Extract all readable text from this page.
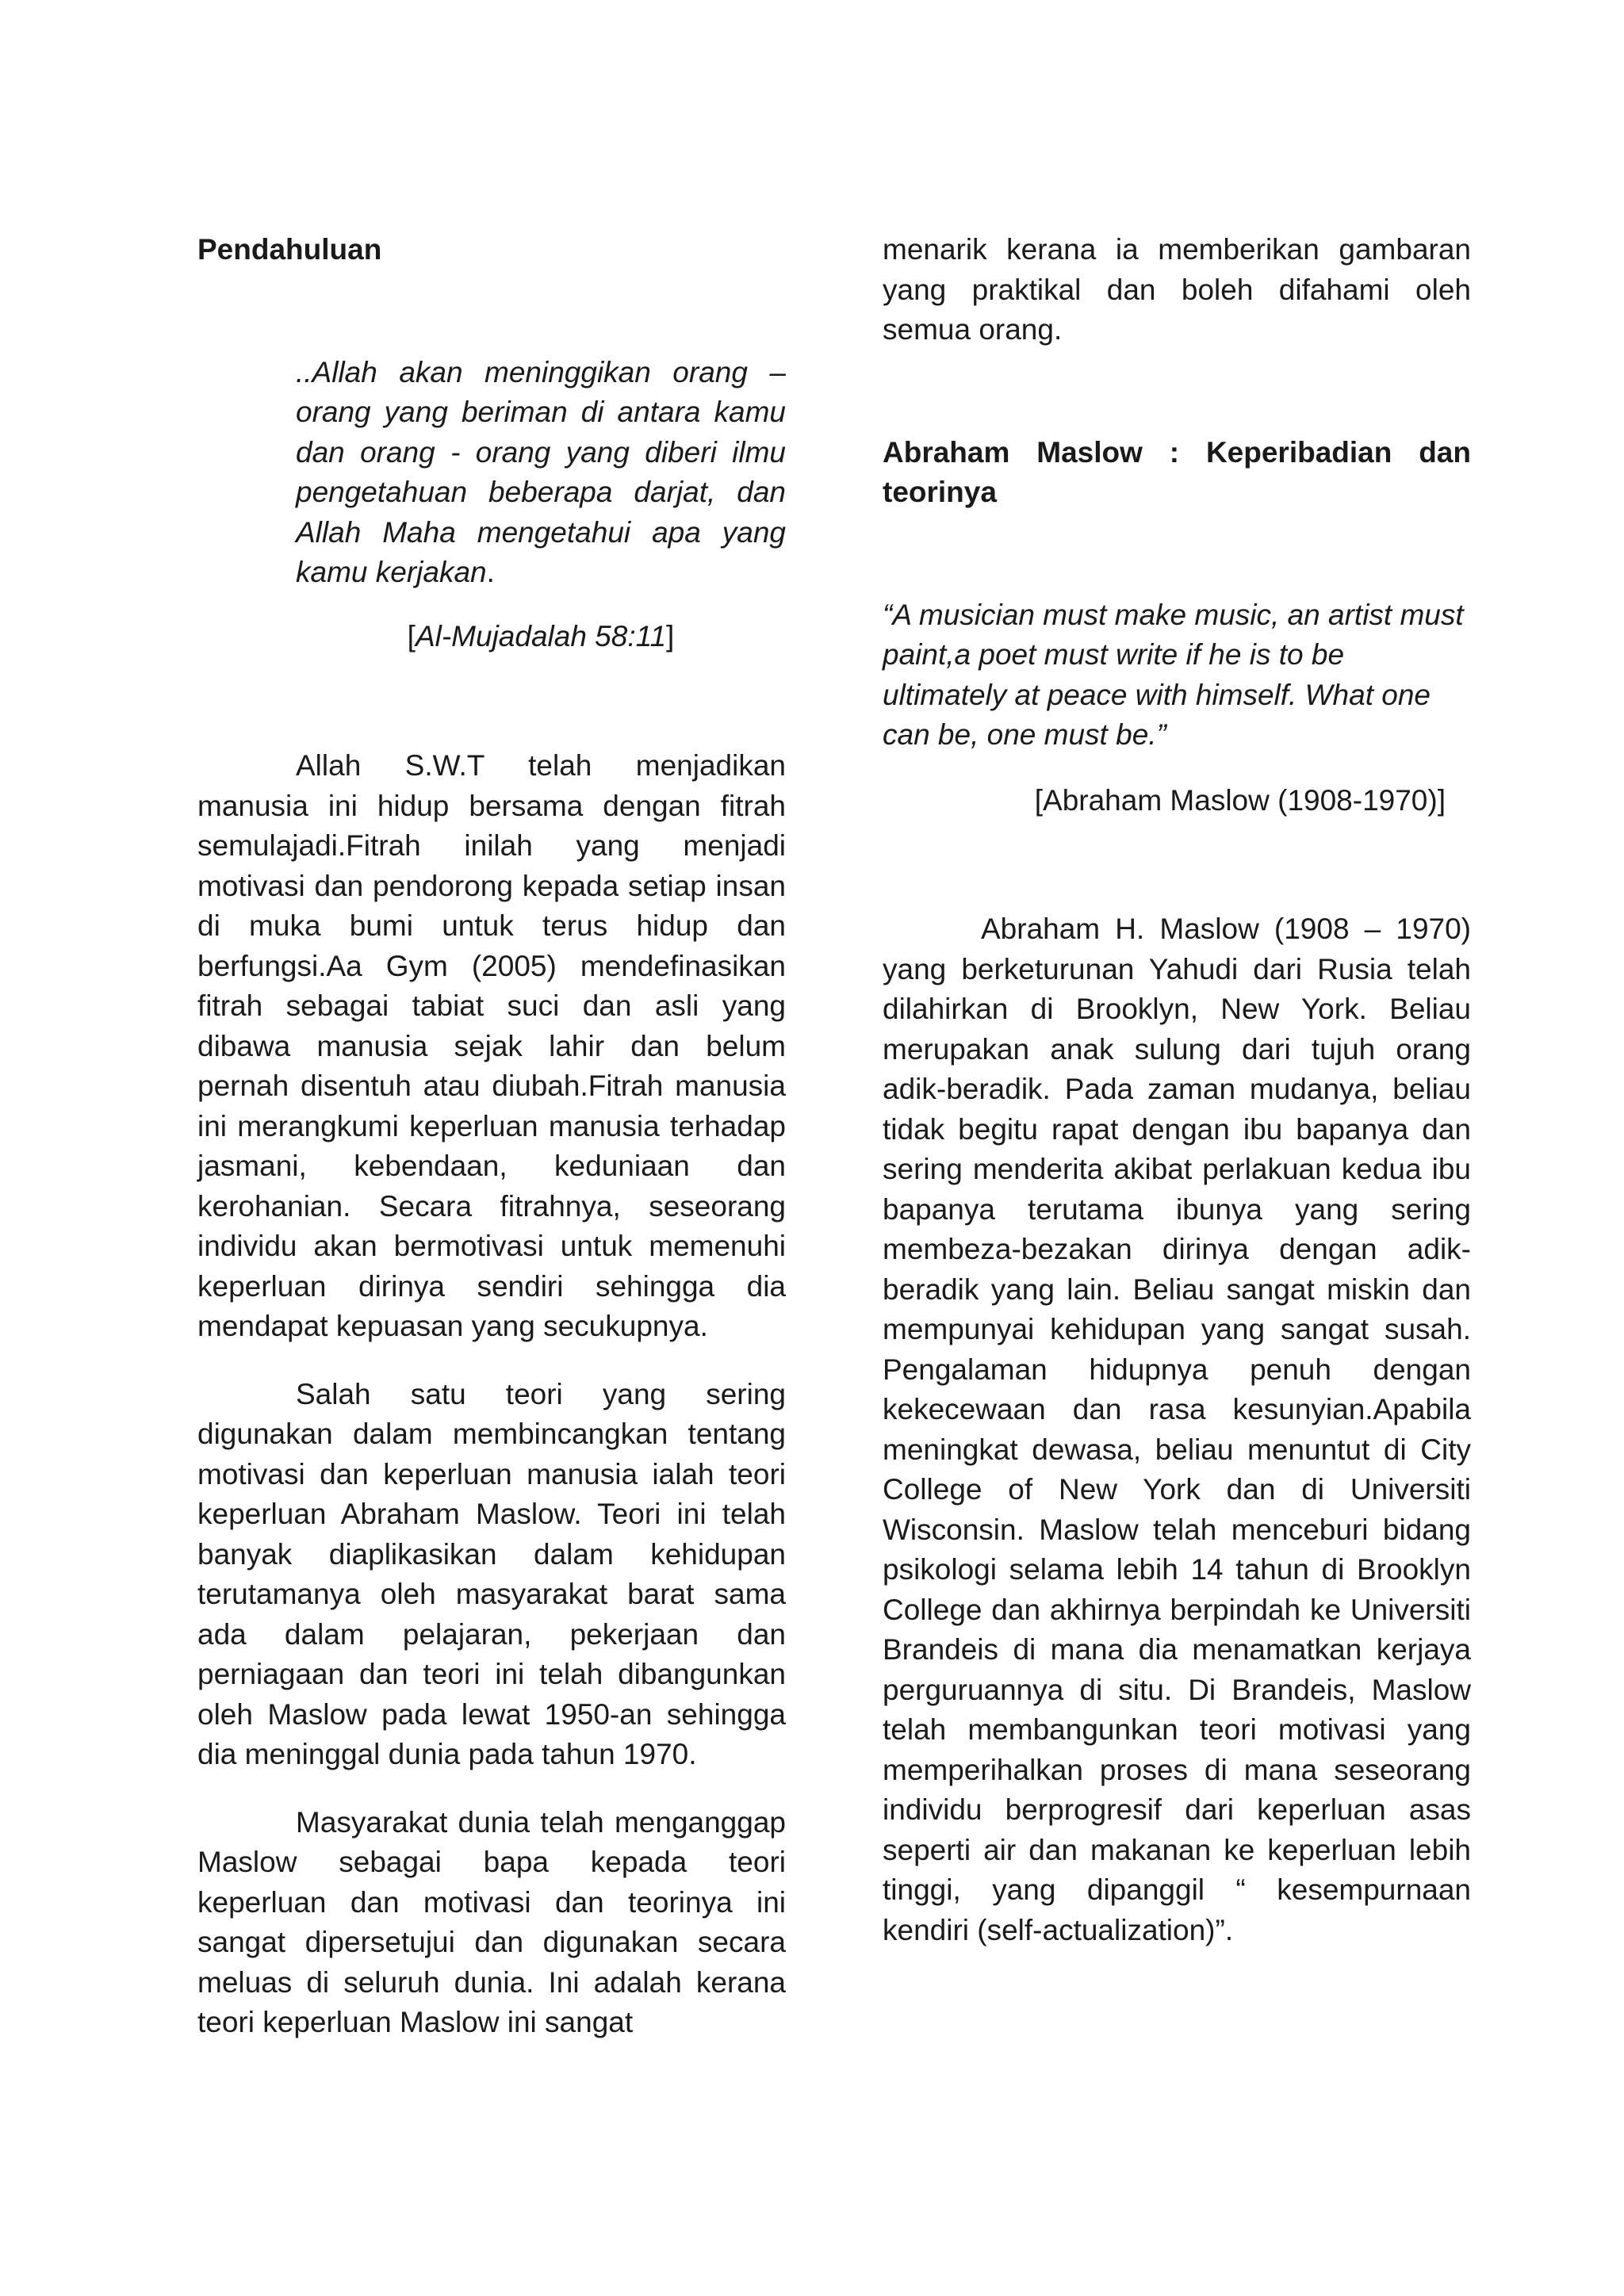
Pendahuluan

..Allah akan meninggikan orang – orang yang beriman di antara kamu dan orang - orang yang diberi ilmu pengetahuan beberapa darjat, dan Allah Maha mengetahui apa yang kamu kerjakan.

[Al-Mujadalah 58:11]

Allah S.W.T telah menjadikan manusia ini hidup bersama dengan fitrah semulajadi.Fitrah inilah yang menjadi motivasi dan pendorong kepada setiap insan di muka bumi untuk terus hidup dan berfungsi.Aa Gym (2005) mendefinasikan fitrah sebagai tabiat suci dan asli yang dibawa manusia sejak lahir dan belum pernah disentuh atau diubah.Fitrah manusia ini merangkumi keperluan manusia terhadap jasmani, kebendaan, keduniaan dan kerohanian. Secara fitrahnya, seseorang individu akan bermotivasi untuk memenuhi keperluan dirinya sendiri sehingga dia mendapat kepuasan yang secukupnya.

Salah satu teori yang sering digunakan dalam membincangkan tentang motivasi dan keperluan manusia ialah teori keperluan Abraham Maslow. Teori ini telah banyak diaplikasikan dalam kehidupan terutamanya oleh masyarakat barat sama ada dalam pelajaran, pekerjaan dan perniagaan dan teori ini telah dibangunkan oleh Maslow pada lewat 1950-an sehingga dia meninggal dunia pada tahun 1970.

Masyarakat dunia telah menganggap Maslow sebagai bapa kepada teori keperluan dan motivasi dan teorinya ini sangat dipersetujui dan digunakan secara meluas di seluruh dunia. Ini adalah kerana teori keperluan Maslow ini sangat

menarik kerana ia memberikan gambaran yang praktikal dan boleh difahami oleh semua orang.

Abraham Maslow : Keperibadian dan teorinya

“A musician must make music, an artist must paint,a poet must write if he is to be ultimately at peace with himself. What one can be, one must be.”

[Abraham Maslow (1908-1970)]

Abraham H. Maslow (1908 – 1970) yang berketurunan Yahudi dari Rusia telah dilahirkan di Brooklyn, New York. Beliau merupakan anak sulung dari tujuh orang adik-beradik. Pada zaman mudanya, beliau tidak begitu rapat dengan ibu bapanya dan sering menderita akibat perlakuan kedua ibu bapanya terutama ibunya yang sering membeza-bezakan dirinya dengan adik-beradik yang lain. Beliau sangat miskin dan mempunyai kehidupan yang sangat susah. Pengalaman hidupnya penuh dengan kekecewaan dan rasa kesunyian.Apabila meningkat dewasa, beliau menuntut di City College of New York dan di Universiti Wisconsin. Maslow telah menceburi bidang psikologi selama lebih 14 tahun di Brooklyn College dan akhirnya berpindah ke Universiti Brandeis di mana dia menamatkan kerjaya perguruannya di situ. Di Brandeis, Maslow telah membangunkan teori motivasi yang memperihalkan proses di mana seseorang individu berprogresif dari keperluan asas seperti air dan makanan ke keperluan lebih tinggi, yang dipanggil “ kesempurnaan kendiri (self-actualization)”.
